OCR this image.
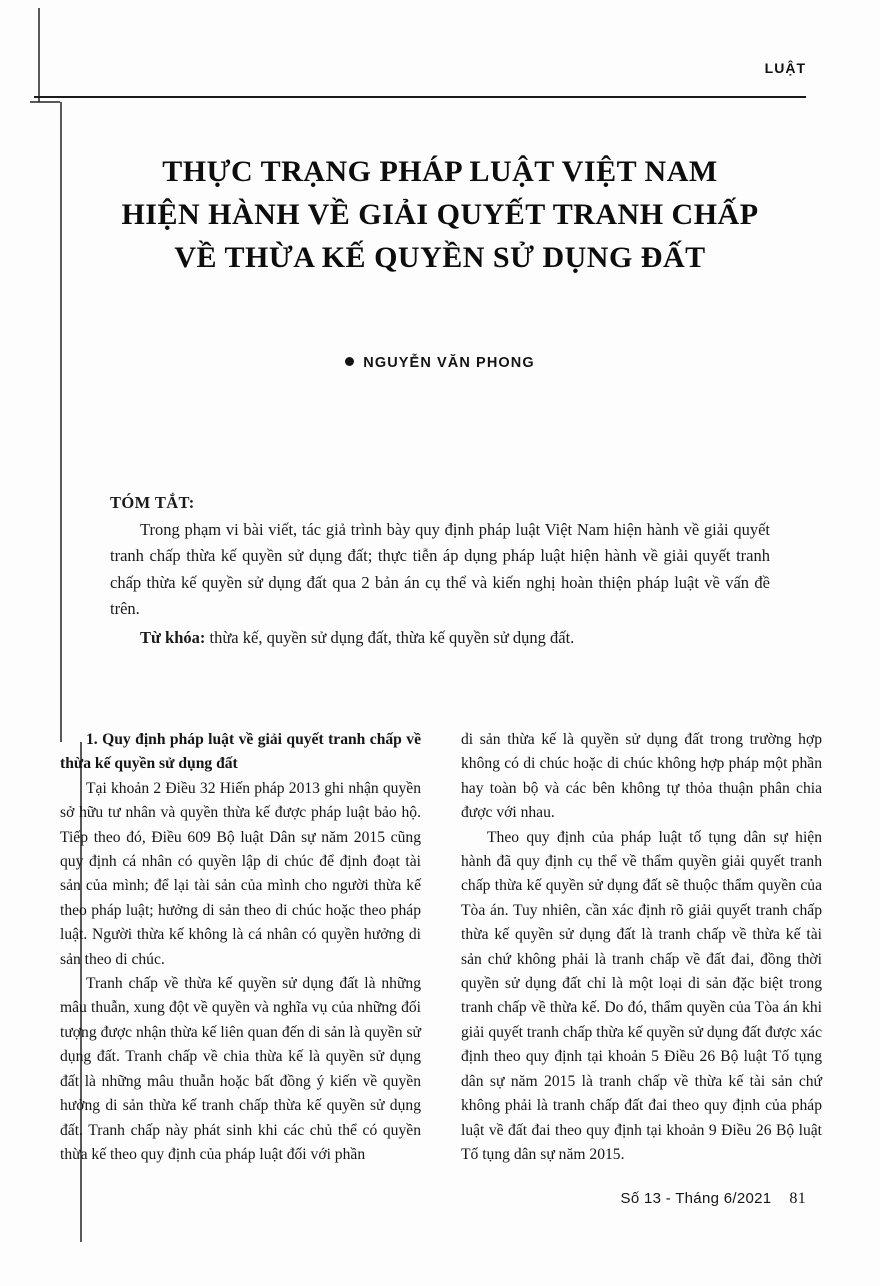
LUẬT
THỰC TRẠNG PHÁP LUẬT VIỆT NAM
HIỆN HÀNH VỀ GIẢI QUYẾT TRANH CHẤP
VỀ THỪA KẾ QUYỀN SỬ DỤNG ĐẤT
NGUYỄN VĂN PHONG
TÓM TẮT:

Trong phạm vi bài viết, tác giả trình bày quy định pháp luật Việt Nam hiện hành về giải quyết tranh chấp thừa kế quyền sử dụng đất; thực tiễn áp dụng pháp luật hiện hành về giải quyết tranh chấp thừa kế quyền sử dụng đất qua 2 bản án cụ thể và kiến nghị hoàn thiện pháp luật về vấn đề trên.

Từ khóa: thừa kế, quyền sử dụng đất, thừa kế quyền sử dụng đất.

1. Quy định pháp luật về giải quyết tranh chấp về thừa kế quyền sử dụng đất

Tại khoản 2 Điều 32 Hiến pháp 2013 ghi nhận quyền sở hữu tư nhân và quyền thừa kế được pháp luật bảo hộ. Tiếp theo đó, Điều 609 Bộ luật Dân sự năm 2015 cũng quy định cá nhân có quyền lập di chúc để định đoạt tài sản của mình; để lại tài sản của mình cho người thừa kế theo pháp luật; hưởng di sản theo di chúc hoặc theo pháp luật. Người thừa kế không là cá nhân có quyền hưởng di sản theo di chúc.

Tranh chấp về thừa kế quyền sử dụng đất là những mâu thuẫn, xung đột về quyền và nghĩa vụ của những đối tượng được nhận thừa kế liên quan đến di sản là quyền sử dụng đất. Tranh chấp về chia thừa kế là quyền sử dụng đất là những mâu thuẫn hoặc bất đồng ý kiến về quyền hưởng di sản thừa kế tranh chấp thừa kế quyền sử dụng đất. Tranh chấp này phát sinh khi các chủ thể có quyền thừa kế theo quy định của pháp luật đối với phần

di sản thừa kế là quyền sử dụng đất trong trường hợp không có di chúc hoặc di chúc không hợp pháp một phần hay toàn bộ và các bên không tự thỏa thuận phân chia được với nhau.

Theo quy định của pháp luật tố tụng dân sự hiện hành đã quy định cụ thể về thẩm quyền giải quyết tranh chấp thừa kế quyền sử dụng đất sẽ thuộc thẩm quyền của Tòa án. Tuy nhiên, cần xác định rõ giải quyết tranh chấp thừa kế quyền sử dụng đất là tranh chấp về thừa kế tài sản chứ không phải là tranh chấp về đất đai, đồng thời quyền sử dụng đất chỉ là một loại di sản đặc biệt trong tranh chấp về thừa kế. Do đó, thẩm quyền của Tòa án khi giải quyết tranh chấp thừa kế quyền sử dụng đất được xác định theo quy định tại khoản 5 Điều 26 Bộ luật Tố tụng dân sự năm 2015 là tranh chấp về thừa kế tài sản chứ không phải là tranh chấp đất đai theo quy định của pháp luật về đất đai theo quy định tại khoản 9 Điều 26 Bộ luật Tố tụng dân sự năm 2015.

Số 13 - Tháng 6/2021 81
